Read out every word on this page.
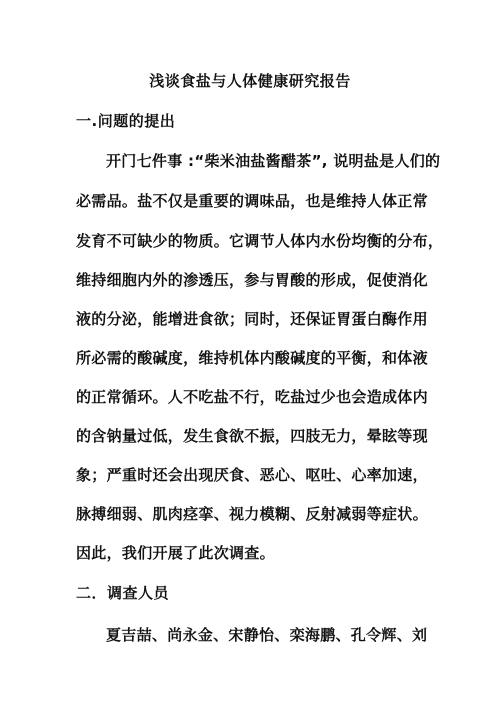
浅谈食盐与人体健康研究报告
一.问题的提出
开门七件事 :“柴米油盐酱醋茶”, 说明盐是人们的
必需品。盐不仅是重要的调味品，也是维持人体正常
发育不可缺少的物质。它调节人体内水份均衡的分布，
维持细胞内外的渗透压，参与胃酸的形成，促使消化
液的分泌，能增进食欲；同时，还保证胃蛋白酶作用
所必需的酸碱度，维持机体内酸碱度的平衡，和体液
的正常循环。人不吃盐不行，吃盐过少也会造成体内
的含钠量过低，发生食欲不振，四肢无力，晕眩等现
象；严重时还会出现厌食、恶心、呕吐、心率加速，
脉搏细弱、肌肉痉挛、视力模糊、反射减弱等症状。
因此，我们开展了此次调查。
二．调查人员
夏吉喆、尚永金、宋静怡、栾海鹏、孔令辉、刘
